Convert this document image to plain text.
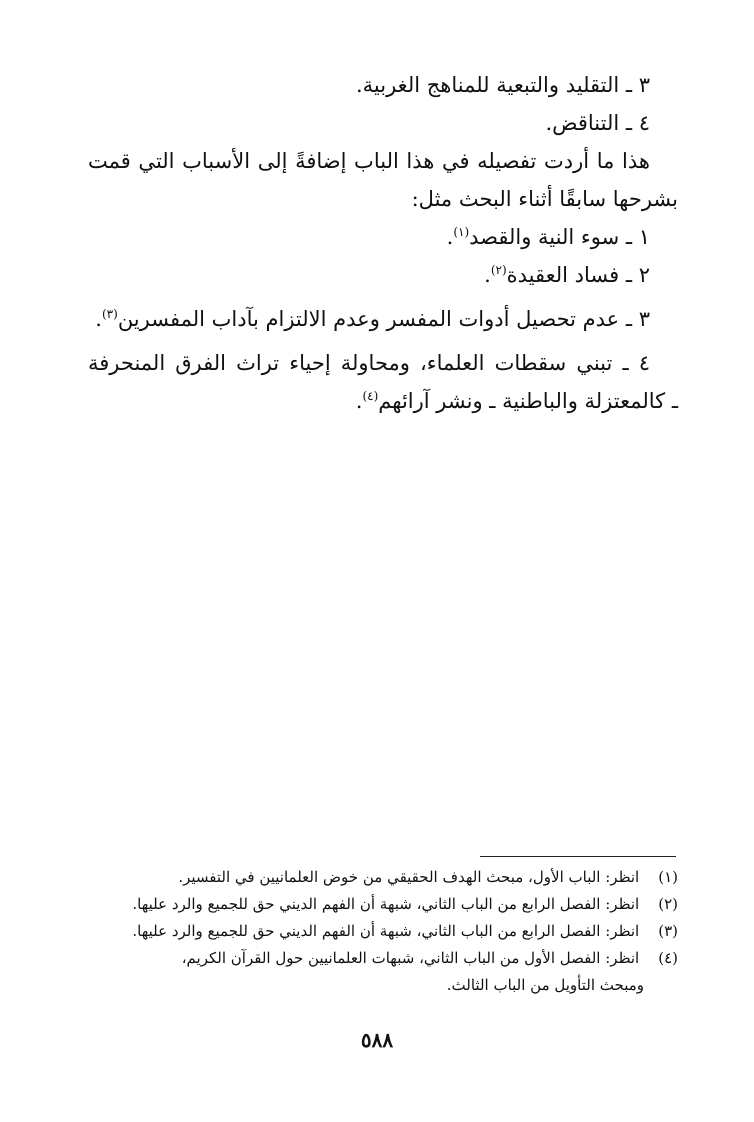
٣ ـ التقليد والتبعية للمناهج الغربية.
٤ ـ التناقض.
هذا ما أردت تفصيله في هذا الباب إضافةً إلى الأسباب التي قمت
بشرحها سابقًا أثناء البحث مثل:
١ ـ سوء النية والقصد$^{(١)}$.
٢ ـ فساد العقيدة$^{(٢)}$.
٣ ـ عدم تحصيل أدوات المفسر وعدم الالتزام بآداب المفسرين$^{(٣)}$.
٤ ـ تبني سقطات العلماء، ومحاولة إحياء تراث الفرق المنحرفة
ـ كالمعتزلة والباطنية ـ ونشر آرائهم$^{(٤)}$.
(١) انظر: الباب الأول، مبحث الهدف الحقيقي من خوض العلمانيين في التفسير.
(٢) انظر: الفصل الرابع من الباب الثاني، شبهة أن الفهم الديني حق للجميع والرد عليها.
(٣) انظر: الفصل الرابع من الباب الثاني، شبهة أن الفهم الديني حق للجميع والرد عليها.
(٤) انظر: الفصل الأول من الباب الثاني، شبهات العلمانيين حول القرآن الكريم،
ومبحث التأويل من الباب الثالث.
٥٨٨
